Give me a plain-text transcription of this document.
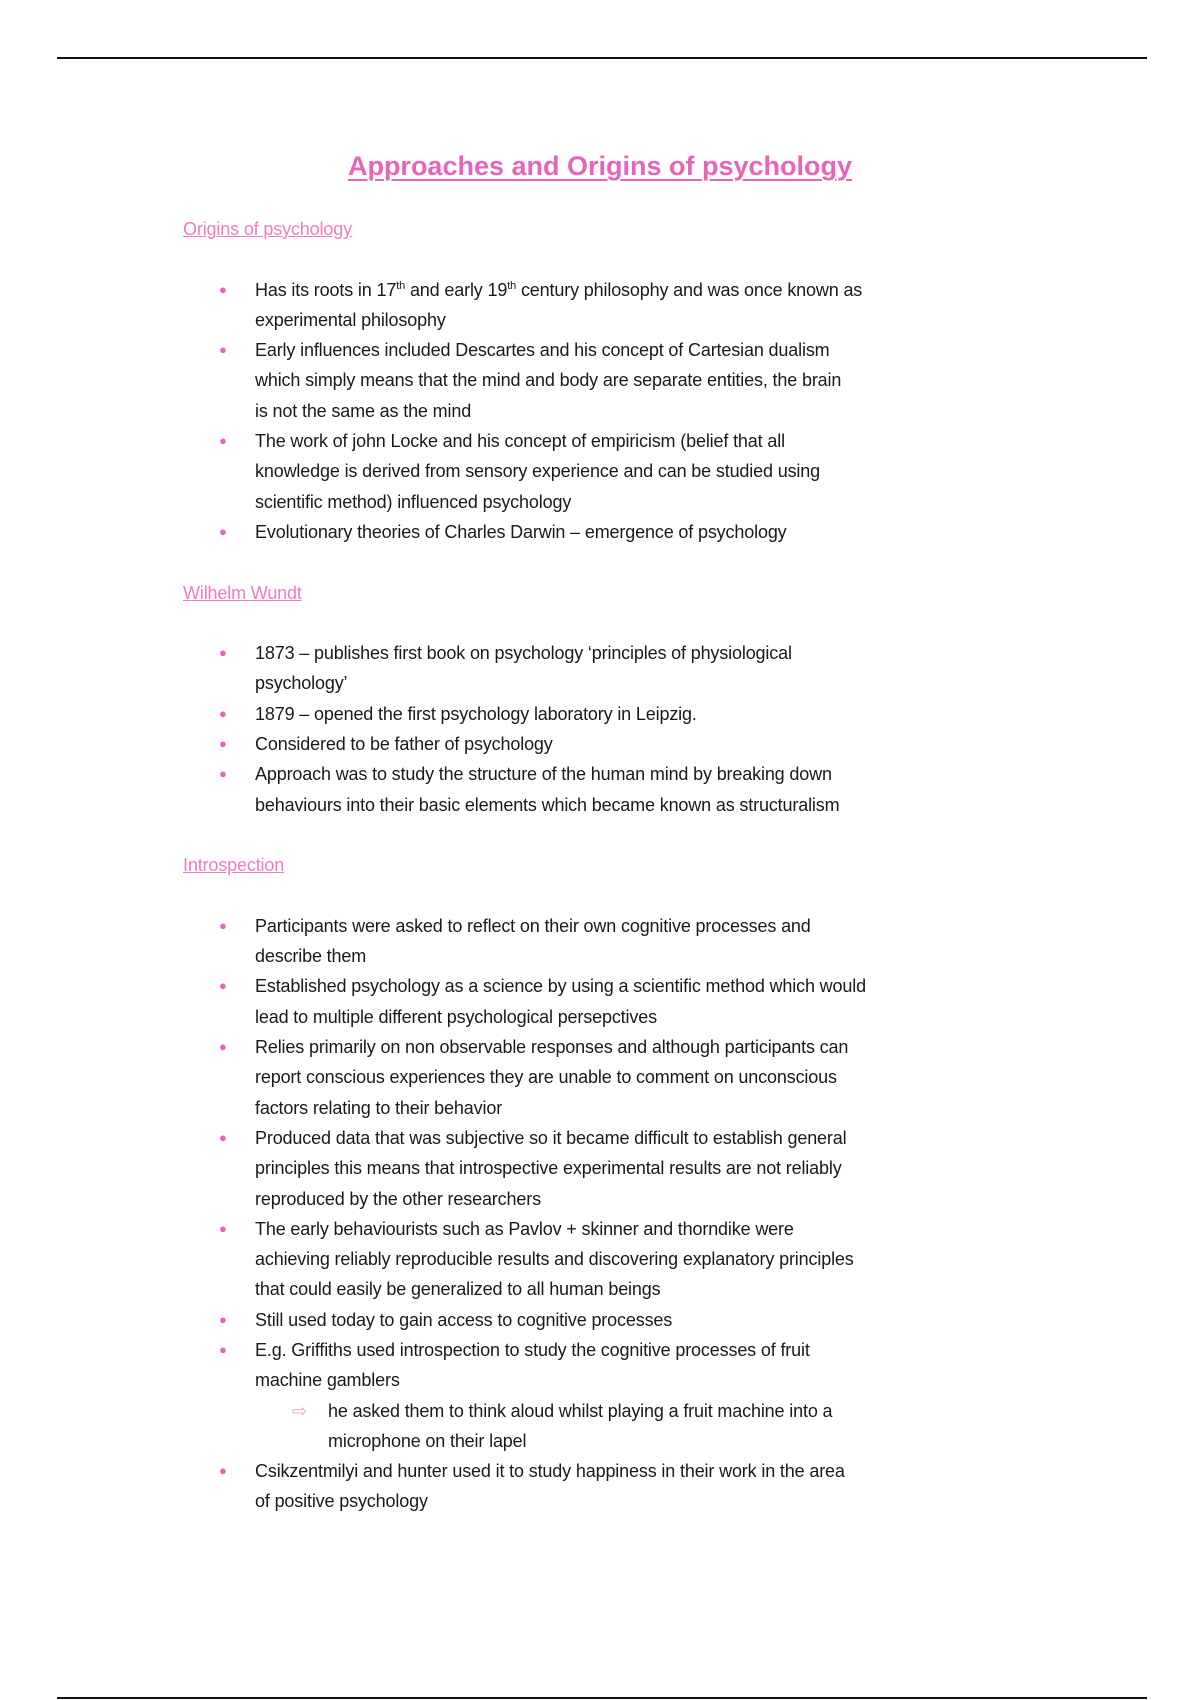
Approaches and Origins of psychology
Origins of psychology
● Has its roots in 17th and early 19th century philosophy and was once known as
experimental philosophy
● Early influences included Descartes and his concept of Cartesian dualism
which simply means that the mind and body are separate entities, the brain
is not the same as the mind
● The work of john Locke and his concept of empiricism (belief that all
knowledge is derived from sensory experience and can be studied using
scientific method) influenced psychology
● Evolutionary theories of Charles Darwin – emergence of psychology
Wilhelm Wundt
● 1873 – publishes first book on psychology ‘principles of physiological
psychology’
● 1879 – opened the first psychology laboratory in Leipzig.
● Considered to be father of psychology
● Approach was to study the structure of the human mind by breaking down
behaviours into their basic elements which became known as structuralism
Introspection
● Participants were asked to reflect on their own cognitive processes and
describe them
● Established psychology as a science by using a scientific method which would
lead to multiple different psychological persepctives
● Relies primarily on non observable responses and although participants can
report conscious experiences they are unable to comment on unconscious
factors relating to their behavior
● Produced data that was subjective so it became difficult to establish general
principles this means that introspective experimental results are not reliably
reproduced by the other researchers
● The early behaviourists such as Pavlov + skinner and thorndike were
achieving reliably reproducible results and discovering explanatory principles
that could easily be generalized to all human beings
● Still used today to gain access to cognitive processes
● E.g. Griffiths used introspection to study the cognitive processes of fruit
machine gamblers
⇨ he asked them to think aloud whilst playing a fruit machine into a
microphone on their lapel
● Csikzentmilyi and hunter used it to study happiness in their work in the area
of positive psychology
